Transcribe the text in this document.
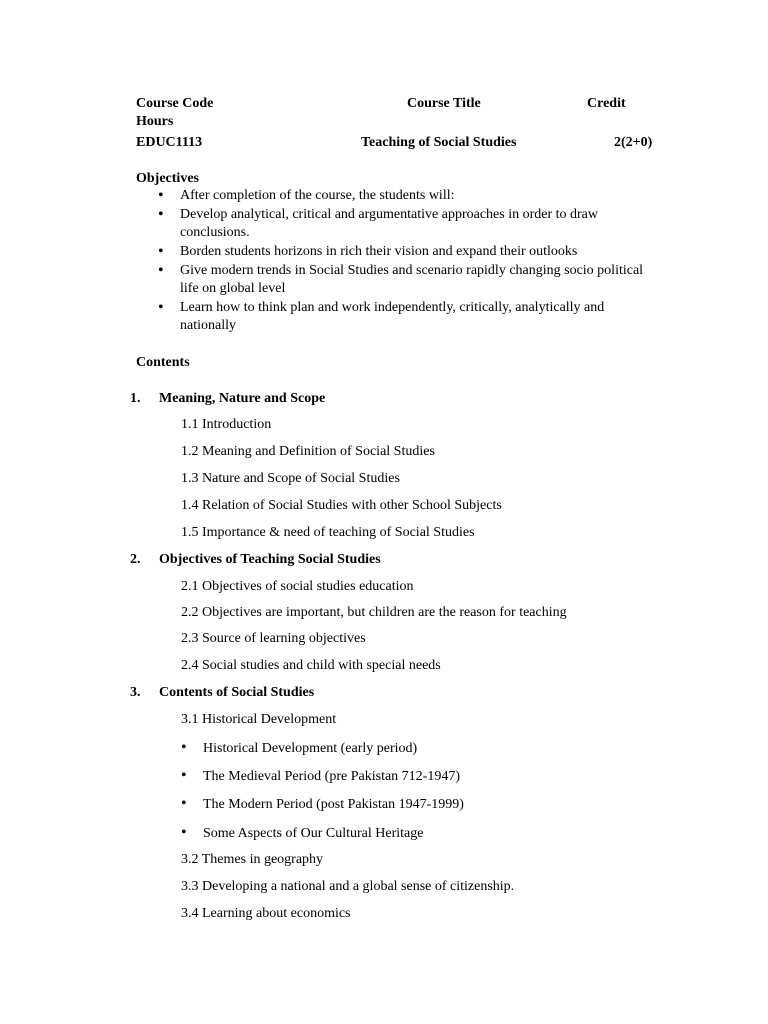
Course Code	Course Title	Credit
Hours
EDUC1113	Teaching of Social Studies	2(2+0)
Objectives
• After completion of the course, the students will:
• Develop analytical, critical and argumentative approaches in order to draw conclusions.
• Borden students horizons in rich their vision and expand their outlooks
• Give modern trends in Social Studies and scenario rapidly changing socio political life on global level
• Learn how to think plan and work independently, critically, analytically and nationally
Contents
1. Meaning, Nature and Scope
1.1 Introduction
1.2 Meaning and Definition of Social Studies
1.3 Nature and Scope of Social Studies
1.4 Relation of Social Studies with other School Subjects
1.5 Importance & need of teaching of Social Studies
2. Objectives of Teaching Social Studies
2.1 Objectives of social studies education
2.2 Objectives are important, but children are the reason for teaching
2.3 Source of learning objectives
2.4 Social studies and child with special needs
3. Contents of Social Studies
3.1 Historical Development
• Historical Development (early period)
• The Medieval Period (pre Pakistan 712-1947)
• The Modern Period (post Pakistan 1947-1999)
• Some Aspects of Our Cultural Heritage
3.2 Themes in geography
3.3 Developing a national and a global sense of citizenship.
3.4 Learning about economics
